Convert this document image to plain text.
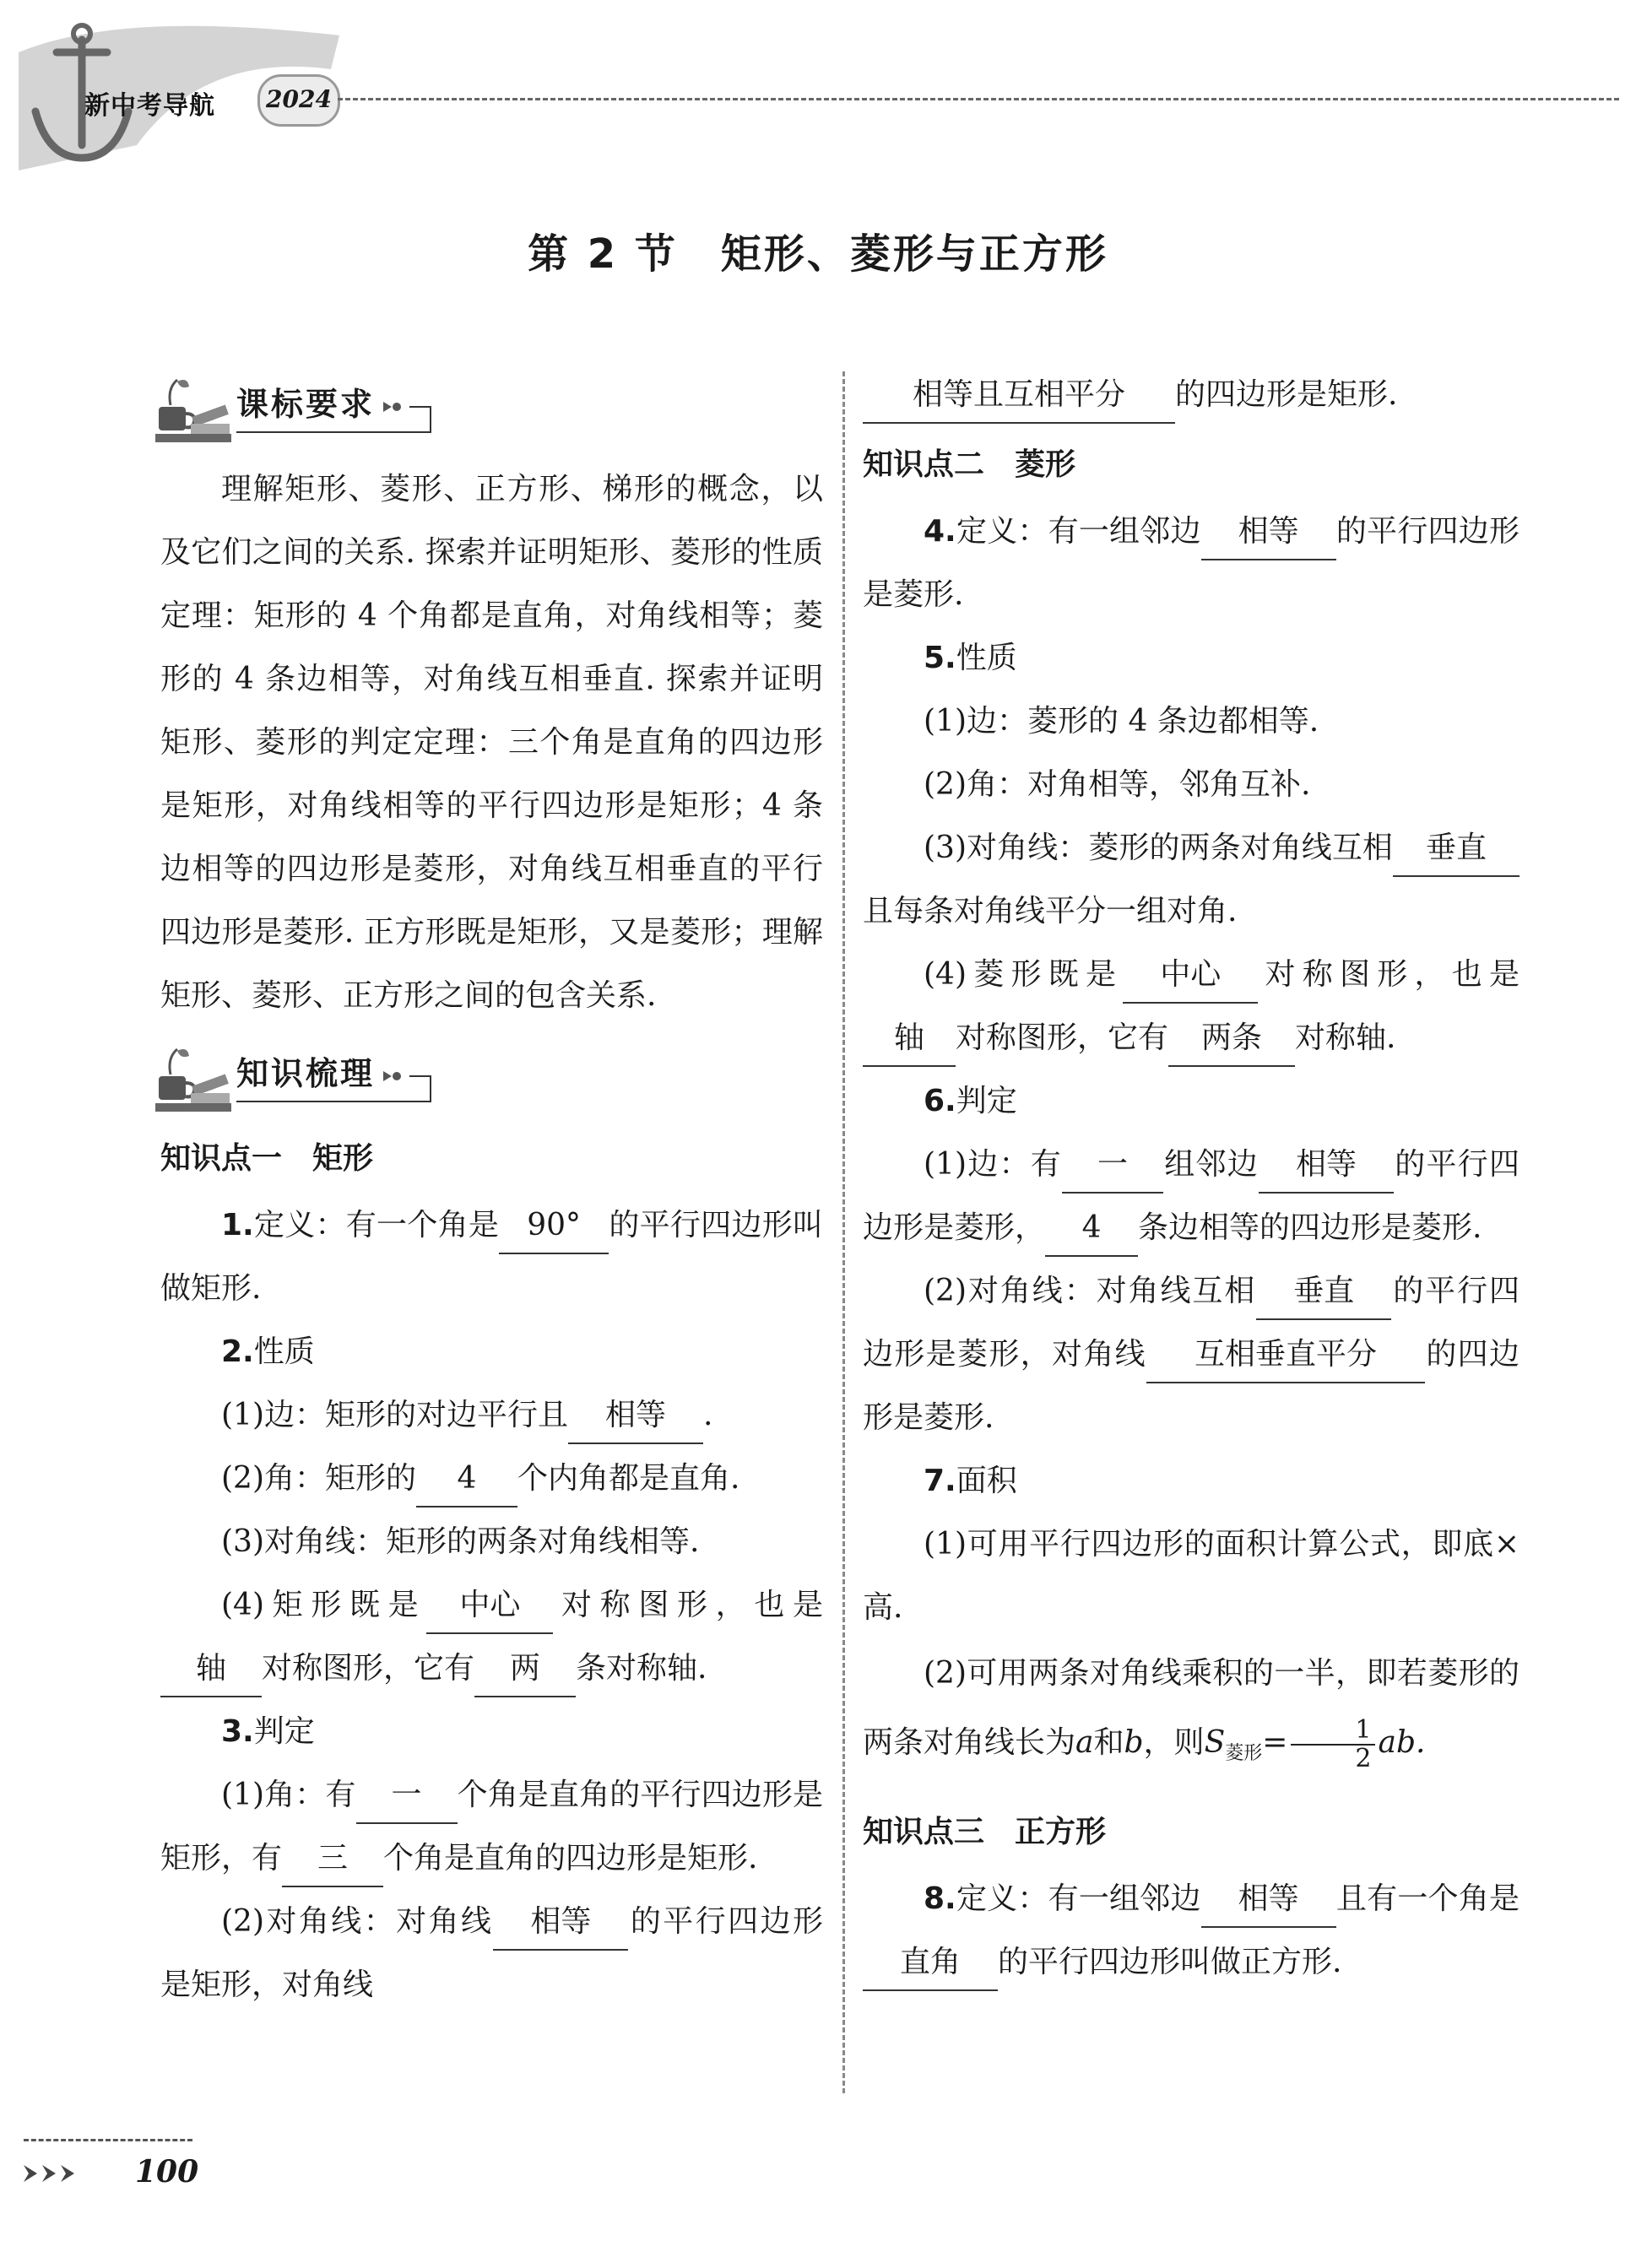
新中考导航	2024
第 2 节　矩形、菱形与正方形
课标要求

理解矩形、菱形、正方形、梯形的概念，以及它们之间的关系. 探索并证明矩形、菱形的性质定理：矩形的 4 个角都是直角，对角线相等；菱形的 4 条边相等，对角线互相垂直. 探索并证明矩形、菱形的判定定理：三个角是直角的四边形是矩形，对角线相等的平行四边形是矩形；4 条边相等的四边形是菱形，对角线互相垂直的平行四边形是菱形. 正方形既是矩形，又是菱形；理解矩形、菱形、正方形之间的包含关系.

知识梳理
知识点一　矩形

1.定义：有一个角是 90° 的平行四边形叫做矩形.

2.性质

(1)边：矩形的对边平行且 相等 .

(2)角：矩形的 4 个内角都是直角.

(3)对角线：矩形的两条对角线相等.

(4)矩形既是 中心 对称图形，也是轴 对称图形，它有 两 条对称轴.

3.判定

(1)角：有 一 个角是直角的平行四边形是矩形，有 三 个角是直角的四边形是矩形.

(2)对角线：对角线 相等 的平行四边形是矩形，对角线

相等且互相平分 的四边形是矩形.

知识点二　菱形

4.定义：有一组邻边 相等 的平行四边形是菱形.

5.性质

(1)边：菱形的 4 条边都相等.

(2)角：对角相等，邻角互补.

(3)对角线：菱形的两条对角线互相 垂直且每条对角线平分一组对角.

(4)菱形既是 中心 对称图形，也是轴 对称图形，它有 两条 对称轴.

6.判定

(1)边：有 一 组邻边 相等 的平行四边形是菱形， 4 条边相等的四边形是菱形.

(2)对角线：对角线互相 垂直 的平行四边形是菱形，对角线 互相垂直平分 的四边形是菱形.

7.面积

(1)可用平行四边形的面积计算公式，即底×高.

(2)可用两条对角线乘积的一半，即若菱形的两条对角线长为a和b，则$S_{菱形}= \frac{1}{2}$ ab.

知识点三　正方形

8.定义：有一组邻边 相等 且有一个角是直角 的平行四边形叫做正方形.

100
